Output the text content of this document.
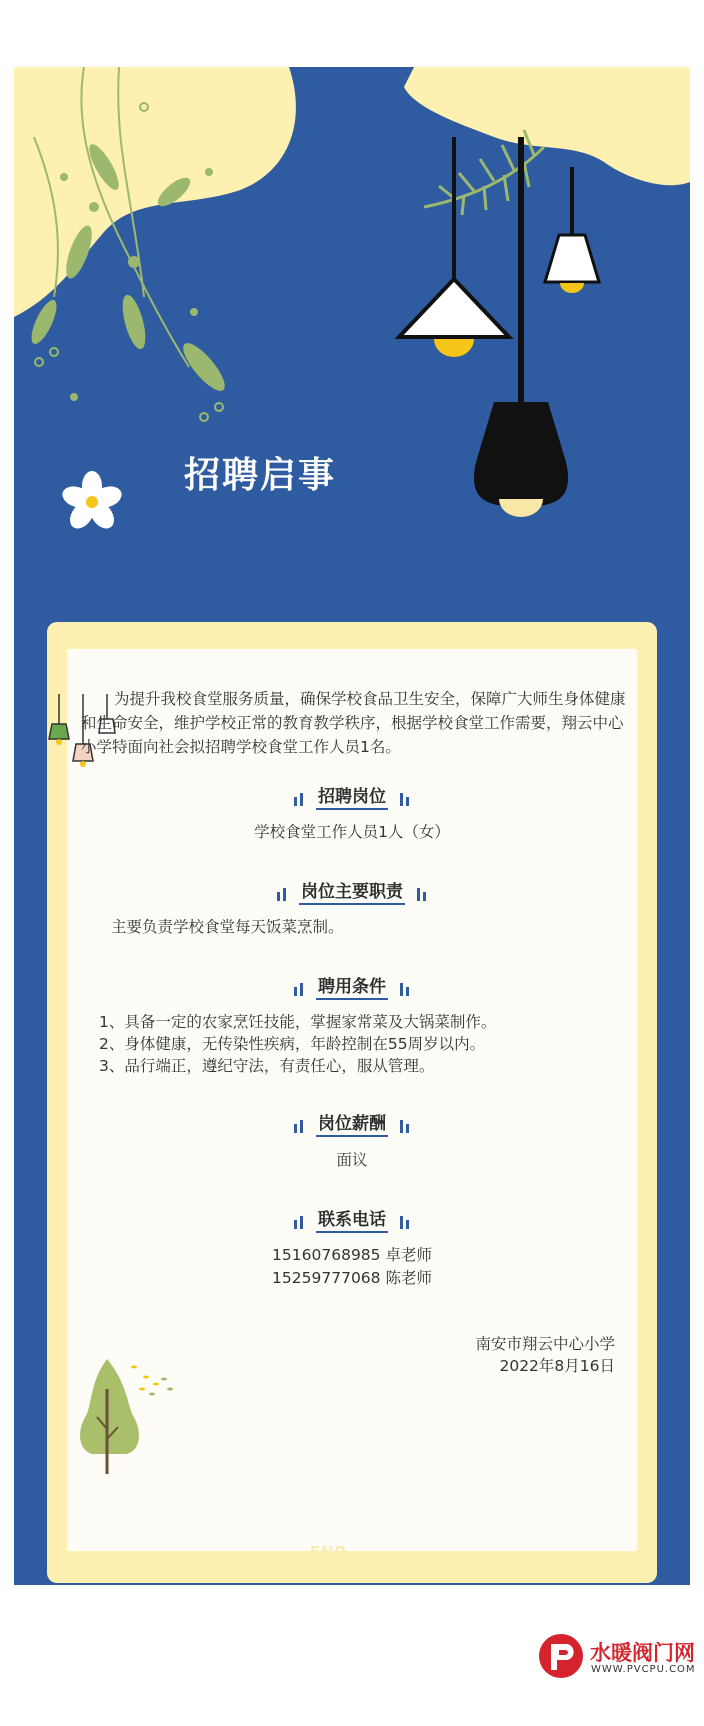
招聘启事
为提升我校食堂服务质量，确保学校食品卫生安全，保障广大师生身体健康和生命安全，维护学校正常的教育教学秩序，根据学校食堂工作需要，翔云中心小学特面向社会拟招聘学校食堂工作人员1名。
招聘岗位
学校食堂工作人员1人（女）
岗位主要职责
主要负责学校食堂每天饭菜烹制。
聘用条件
1、具备一定的农家烹饪技能，掌握家常菜及大锅菜制作。
2、身体健康，无传染性疾病，年龄控制在55周岁以内。
3、品行端正，遵纪守法，有责任心，服从管理。
岗位薪酬
面议
联系电话
15160768985 卓老师
15259777068 陈老师
南安市翔云中心小学
2022年8月16日
END
水暖阀门网
WWW.PVCPU.COM
